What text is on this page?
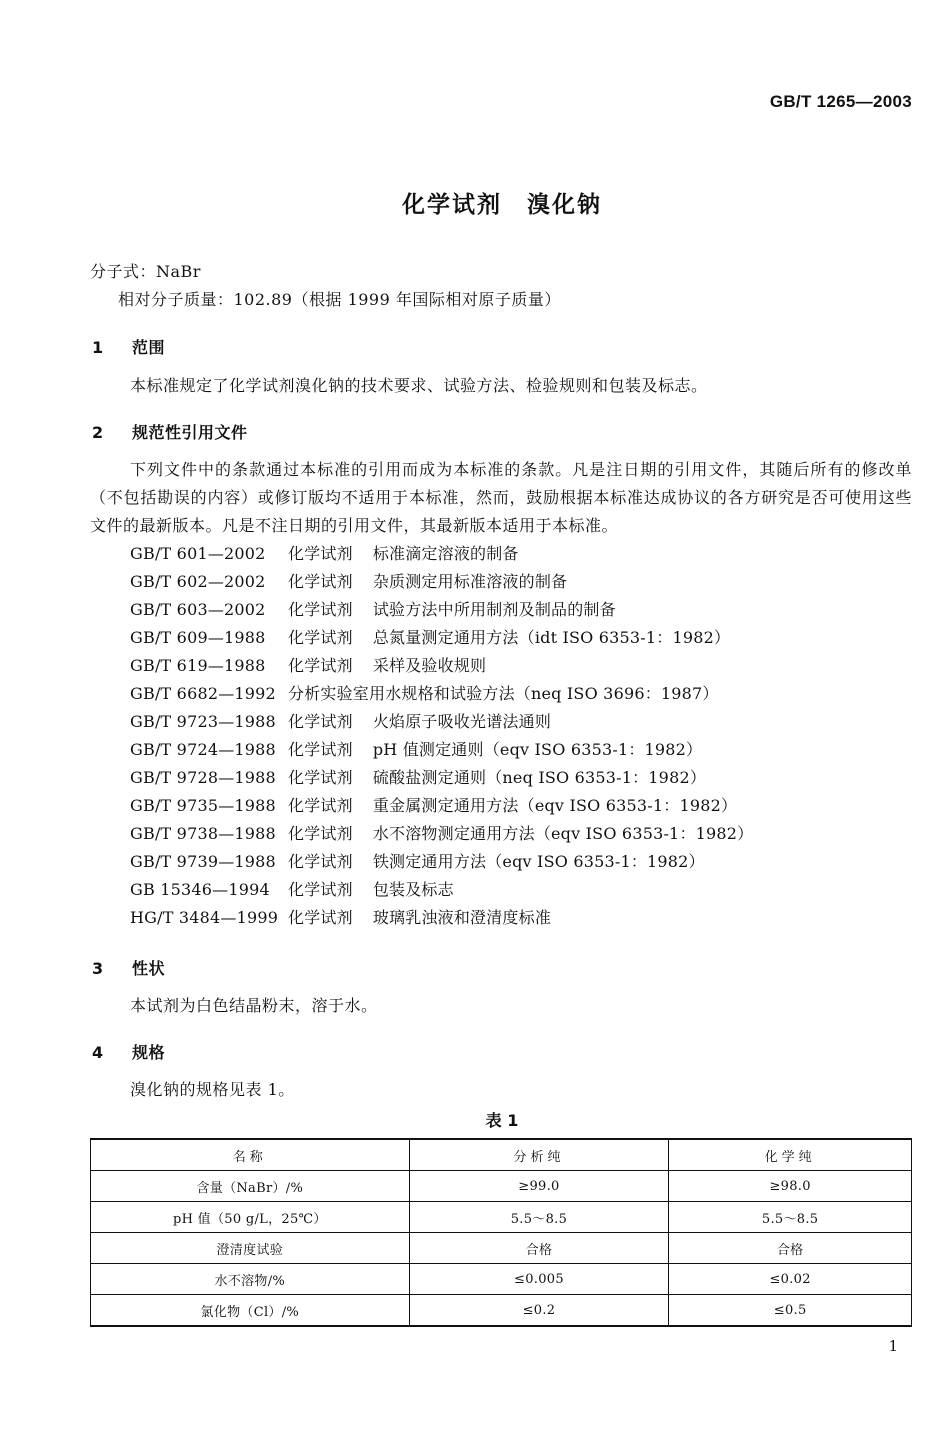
GB/T 1265—2003
化学试剂　溴化钠
分子式：NaBr
相对分子质量：102.89（根据 1999 年国际相对原子质量）
1 范围
本标准规定了化学试剂溴化钠的技术要求、试验方法、检验规则和包装及标志。
2 规范性引用文件
下列文件中的条款通过本标准的引用而成为本标准的条款。凡是注日期的引用文件，其随后所有的修改单（不包括勘误的内容）或修订版均不适用于本标准，然而，鼓励根据本标准达成协议的各方研究是否可使用这些文件的最新版本。凡是不注日期的引用文件，其最新版本适用于本标准。
GB/T 601—2002 化学试剂 标准滴定溶液的制备
GB/T 602—2002 化学试剂 杂质测定用标准溶液的制备
GB/T 603—2002 化学试剂 试验方法中所用制剂及制品的制备
GB/T 609—1988 化学试剂 总氮量测定通用方法（idt ISO 6353-1：1982）
GB/T 619—1988 化学试剂 采样及验收规则
GB/T 6682—1992 分析实验室用水规格和试验方法（neq ISO 3696：1987）
GB/T 9723—1988 化学试剂 火焰原子吸收光谱法通则
GB/T 9724—1988 化学试剂 pH 值测定通则（eqv ISO 6353-1：1982）
GB/T 9728—1988 化学试剂 硫酸盐测定通则（neq ISO 6353-1：1982）
GB/T 9735—1988 化学试剂 重金属测定通用方法（eqv ISO 6353-1：1982）
GB/T 9738—1988 化学试剂 水不溶物测定通用方法（eqv ISO 6353-1：1982）
GB/T 9739—1988 化学试剂 铁测定通用方法（eqv ISO 6353-1：1982）
GB 15346—1994 化学试剂 包装及标志
HG/T 3484—1999 化学试剂 玻璃乳浊液和澄清度标准
3 性状
本试剂为白色结晶粉末，溶于水。
4 规格
溴化钠的规格见表 1。
表 1
名称	分析纯	化学纯
含量（NaBr）/%	≥99.0	≥98.0
pH 值（50 g/L，25℃）	5.5～8.5	5.5～8.5
澄清度试验	合格	合格
水不溶物/%	≤0.005	≤0.02
氯化物（Cl）/%	≤0.2	≤0.5
1
